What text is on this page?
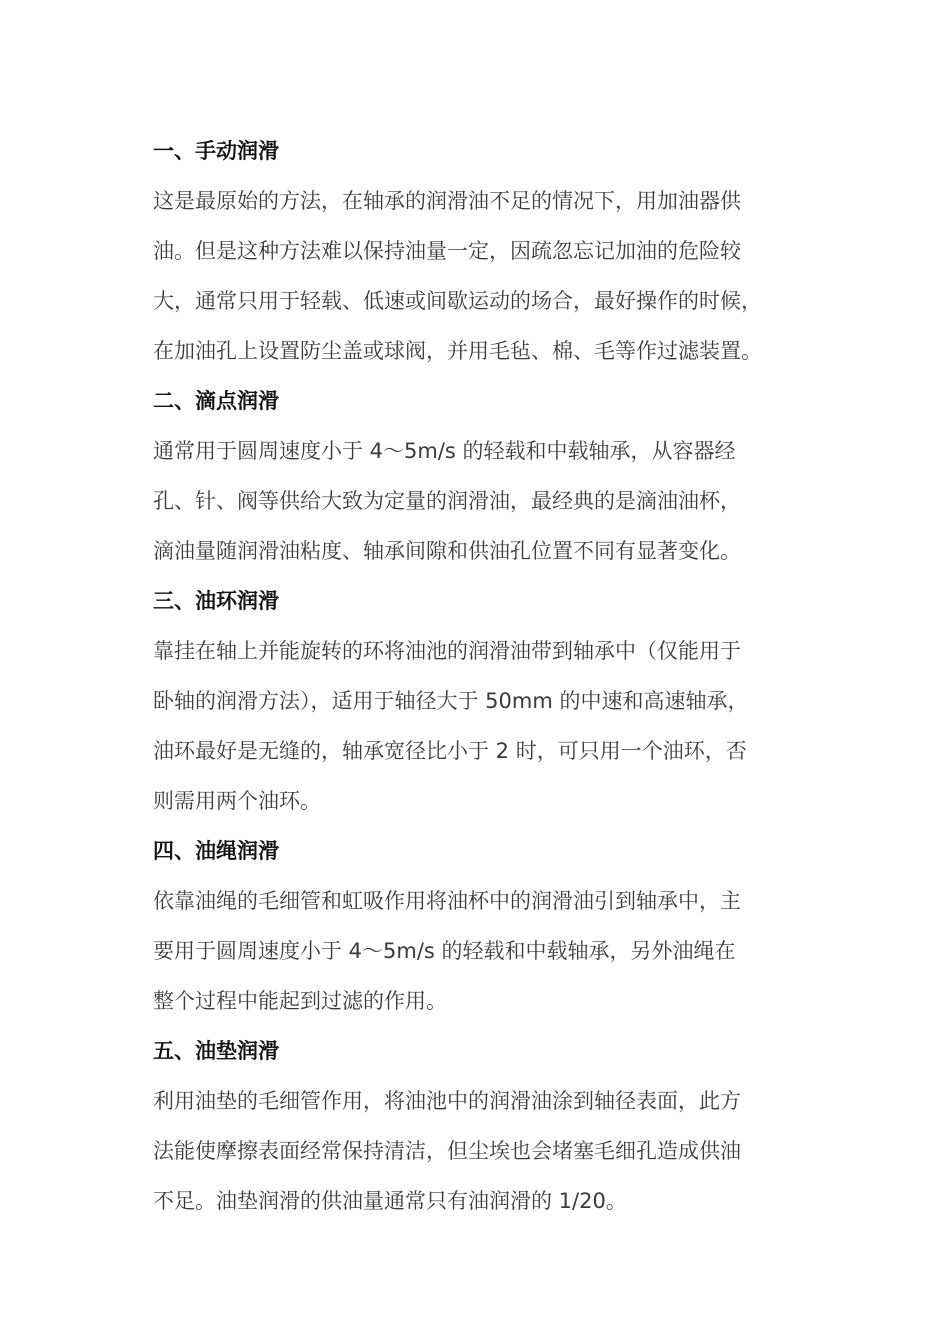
一、手动润滑
这是最原始的方法，在轴承的润滑油不足的情况下，用加油器供
油。但是这种方法难以保持油量一定，因疏忽忘记加油的危险较
大，通常只用于轻载、低速或间歇运动的场合，最好操作的时候，
在加油孔上设置防尘盖或球阀，并用毛毡、棉、毛等作过滤装置。
二、滴点润滑
通常用于圆周速度小于 4～5m/s 的轻载和中载轴承，从容器经
孔、针、阀等供给大致为定量的润滑油，最经典的是滴油油杯，
滴油量随润滑油粘度、轴承间隙和供油孔位置不同有显著变化。
三、油环润滑
靠挂在轴上并能旋转的环将油池的润滑油带到轴承中（仅能用于
卧轴的润滑方法），适用于轴径大于 50mm 的中速和高速轴承，
油环最好是无缝的，轴承宽径比小于 2 时，可只用一个油环，否
则需用两个油环。
四、油绳润滑
依靠油绳的毛细管和虹吸作用将油杯中的润滑油引到轴承中，主
要用于圆周速度小于 4～5m/s 的轻载和中载轴承，另外油绳在
整个过程中能起到过滤的作用。
五、油垫润滑
利用油垫的毛细管作用，将油池中的润滑油涂到轴径表面，此方
法能使摩擦表面经常保持清洁，但尘埃也会堵塞毛细孔造成供油
不足。油垫润滑的供油量通常只有油润滑的 1/20。
